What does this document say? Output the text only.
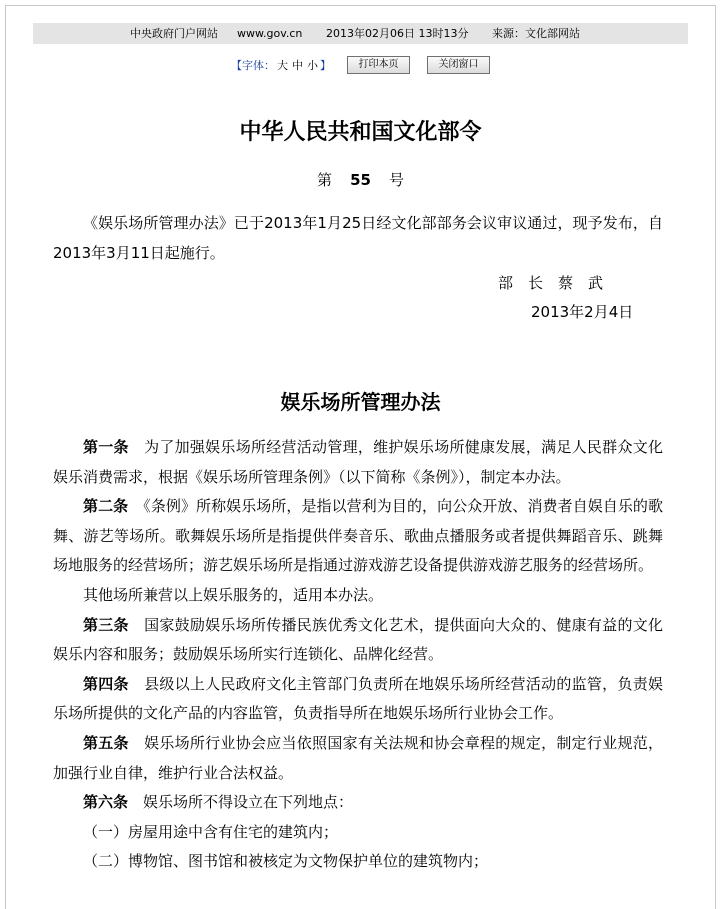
中央政府门户网站 www.gov.cn 2013年02月06日 13时13分 来源：文化部网站
【字体： 大 中 小 】	打印本页	关闭窗口
中华人民共和国文化部令
第 55 号

《娱乐场所管理办法》已于2013年1月25日经文化部部务会议审议通过，现予发布，自2013年3月11日起施行。

部　长　蔡　武
2013年2月4日
娱乐场所管理办法

第一条　为了加强娱乐场所经营活动管理，维护娱乐场所健康发展，满足人民群众文化娱乐消费需求，根据《娱乐场所管理条例》（以下简称《条例》），制定本办法。

第二条　《条例》所称娱乐场所，是指以营利为目的，向公众开放、消费者自娱自乐的歌舞、游艺等场所。歌舞娱乐场所是指提供伴奏音乐、歌曲点播服务或者提供舞蹈音乐、跳舞场地服务的经营场所；游艺娱乐场所是指通过游戏游艺设备提供游戏游艺服务的经营场所。

其他场所兼营以上娱乐服务的，适用本办法。

第三条　国家鼓励娱乐场所传播民族优秀文化艺术，提供面向大众的、健康有益的文化娱乐内容和服务；鼓励娱乐场所实行连锁化、品牌化经营。

第四条　县级以上人民政府文化主管部门负责所在地娱乐场所经营活动的监管，负责娱乐场所提供的文化产品的内容监管，负责指导所在地娱乐场所行业协会工作。

第五条　娱乐场所行业协会应当依照国家有关法规和协会章程的规定，制定行业规范，加强行业自律，维护行业合法权益。

第六条　娱乐场所不得设立在下列地点：

（一）房屋用途中含有住宅的建筑内；

（二）博物馆、图书馆和被核定为文物保护单位的建筑物内；
